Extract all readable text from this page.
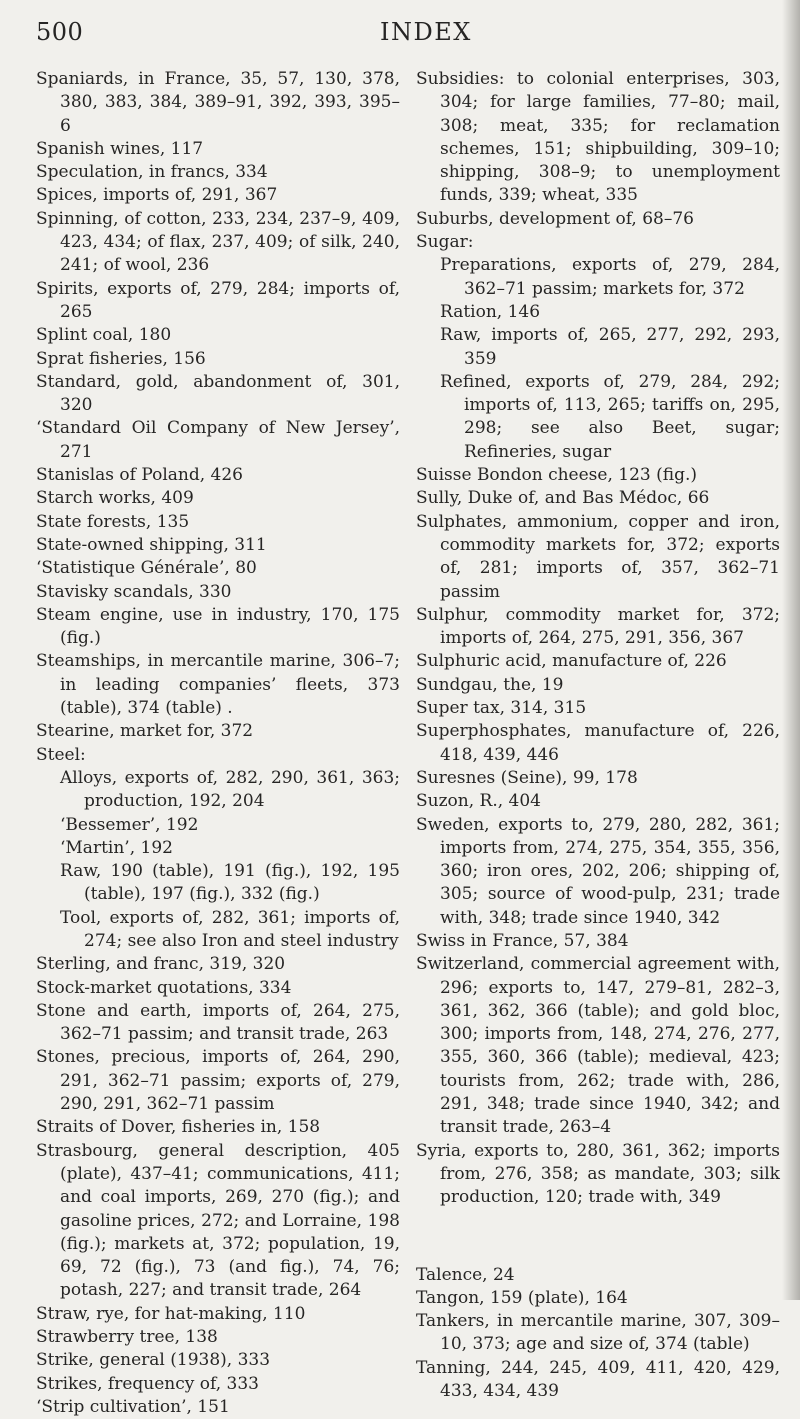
500	INDEX

Spaniards, in France, 35, 57, 130, 378, 380, 383, 384, 389–91, 392, 393, 395–6

Spanish wines, 117

Speculation, in francs, 334

Spices, imports of, 291, 367

Spinning, of cotton, 233, 234, 237–9, 409, 423, 434; of flax, 237, 409; of silk, 240, 241; of wool, 236

Spirits, exports of, 279, 284; imports of, 265

Splint coal, 180

Sprat fisheries, 156

Standard, gold, abandonment of, 301, 320

‘Standard Oil Company of New Jersey’, 271

Stanislas of Poland, 426

Starch works, 409

State forests, 135

State-owned shipping, 311

‘Statistique Générale’, 80

Stavisky scandals, 330

Steam engine, use in industry, 170, 175 (fig.)

Steamships, in mercantile marine, 306–7; in leading companies’ fleets, 373 (table), 374 (table) .

Stearine, market for, 372

Steel:

Alloys, exports of, 282, 290, 361, 363; production, 192, 204

‘Bessemer’, 192

‘Martin’, 192

Raw, 190 (table), 191 (fig.), 192, 195 (table), 197 (fig.), 332 (fig.)

Tool, exports of, 282, 361; imports of, 274; see also Iron and steel industry

Sterling, and franc, 319, 320

Stock-market quotations, 334

Stone and earth, imports of, 264, 275, 362–71 passim; and transit trade, 263

Stones, precious, imports of, 264, 290, 291, 362–71 passim; exports of, 279, 290, 291, 362–71 passim

Straits of Dover, fisheries in, 158

Strasbourg, general description, 405 (plate), 437–41; communications, 411; and coal imports, 269, 270 (fig.); and gasoline prices, 272; and Lorraine, 198 (fig.); markets at, 372; population, 19, 69, 72 (fig.), 73 (and fig.), 74, 76; potash, 227; and transit trade, 264

Straw, rye, for hat-making, 110

Strawberry tree, 138

Strike, general (1938), 333

Strikes, frequency of, 333

‘Strip cultivation’, 151

Subsidies: to colonial enterprises, 303, 304; for large families, 77–80; mail, 308; meat, 335; for reclamation schemes, 151; shipbuilding, 309–10; shipping, 308–9; to unemployment funds, 339; wheat, 335

Suburbs, development of, 68–76

Sugar:

Preparations, exports of, 279, 284, 362–71 passim; markets for, 372

Ration, 146

Raw, imports of, 265, 277, 292, 293, 359

Refined, exports of, 279, 284, 292; imports of, 113, 265; tariffs on, 295, 298; see also Beet, sugar; Refineries, sugar

Suisse Bondon cheese, 123 (fig.)

Sully, Duke of, and Bas Médoc, 66

Sulphates, ammonium, copper and iron, commodity markets for, 372; exports of, 281; imports of, 357, 362–71 passim

Sulphur, commodity market for, 372; imports of, 264, 275, 291, 356, 367

Sulphuric acid, manufacture of, 226

Sundgau, the, 19

Super tax, 314, 315

Superphosphates, manufacture of, 226, 418, 439, 446

Suresnes (Seine), 99, 178

Suzon, R., 404

Sweden, exports to, 279, 280, 282, 361; imports from, 274, 275, 354, 355, 356, 360; iron ores, 202, 206; shipping of, 305; source of wood-pulp, 231; trade with, 348; trade since 1940, 342

Swiss in France, 57, 384

Switzerland, commercial agreement with, 296; exports to, 147, 279–81, 282–3, 361, 362, 366 (table); and gold bloc, 300; imports from, 148, 274, 276, 277, 355, 360, 366 (table); medieval, 423; tourists from, 262; trade with, 286, 291, 348; trade since 1940, 342; and transit trade, 263–4

Syria, exports to, 280, 361, 362; imports from, 276, 358; as mandate, 303; silk production, 120; trade with, 349

Talence, 24

Tangon, 159 (plate), 164

Tankers, in mercantile marine, 307, 309–10, 373; age and size of, 374 (table)

Tanning, 244, 245, 409, 411, 420, 429, 433, 434, 439
